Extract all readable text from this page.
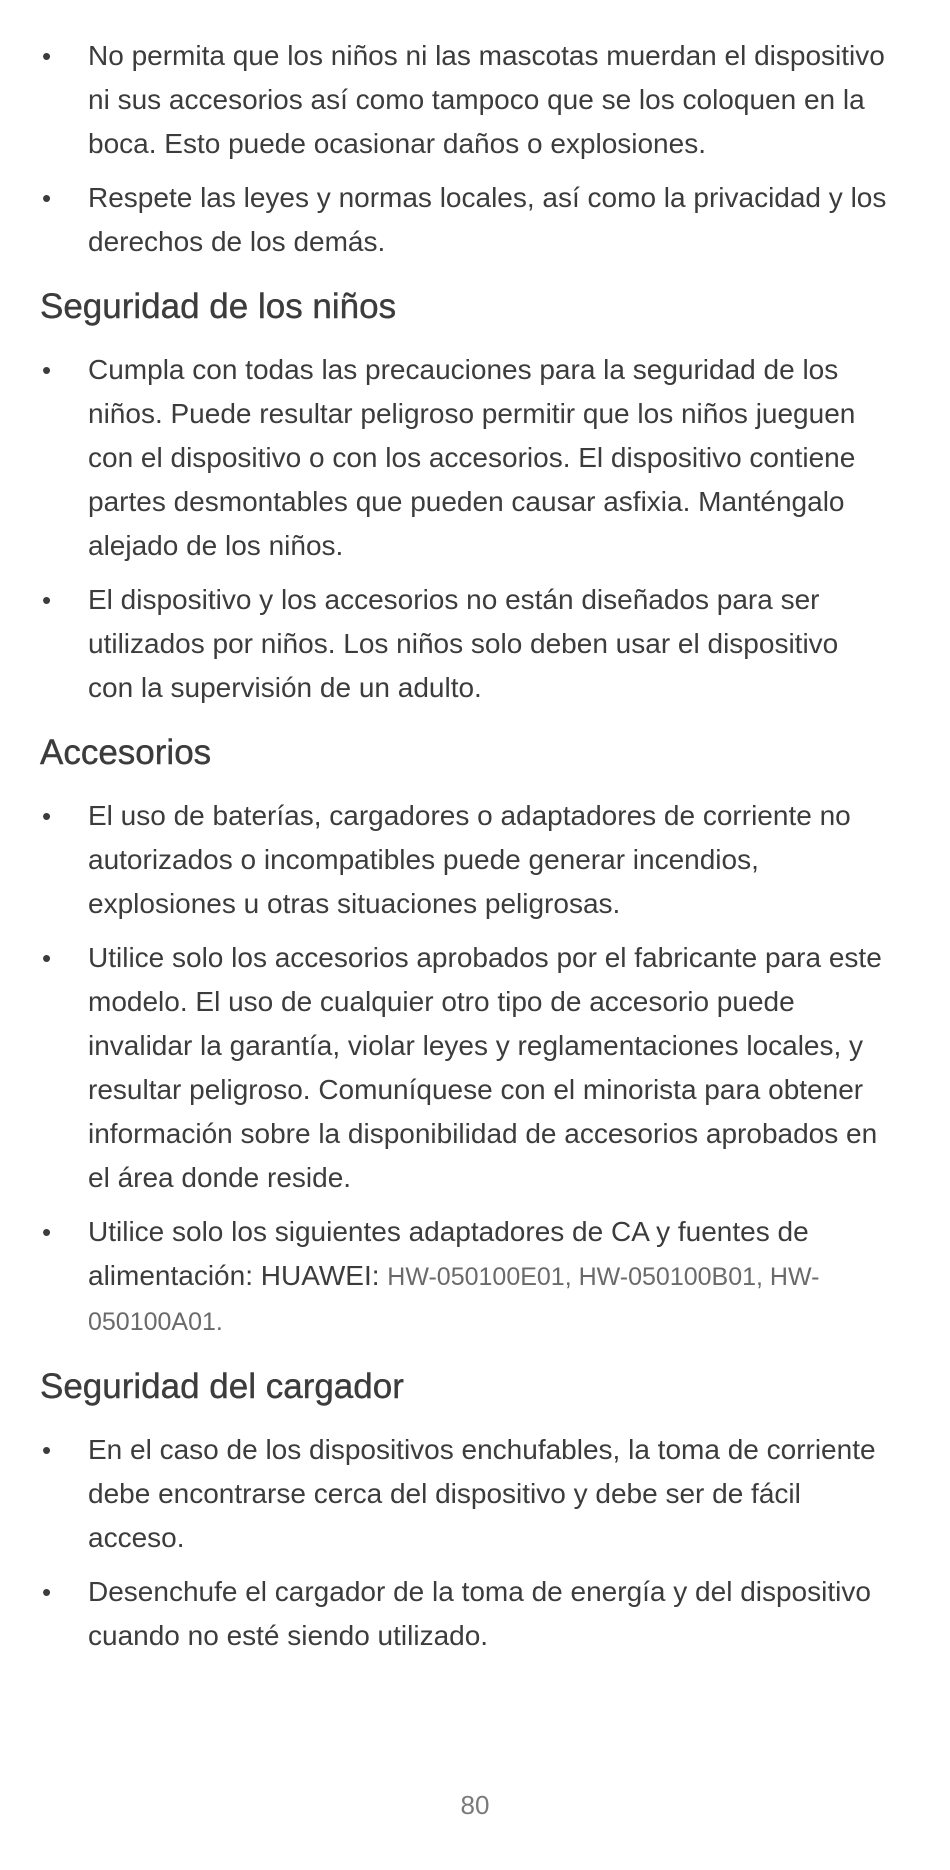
• No permita que los niños ni las mascotas muerdan el dispositivo ni sus accesorios así como tampoco que se los coloquen en la boca. Esto puede ocasionar daños o explosiones.
• Respete las leyes y normas locales, así como la privacidad y los derechos de los demás.
Seguridad de los niños
• Cumpla con todas las precauciones para la seguridad de los niños. Puede resultar peligroso permitir que los niños jueguen con el dispositivo o con los accesorios. El dispositivo contiene partes desmontables que pueden causar asfixia. Manténgalo alejado de los niños.
• El dispositivo y los accesorios no están diseñados para ser utilizados por niños. Los niños solo deben usar el dispositivo con la supervisión de un adulto.
Accesorios
• El uso de baterías, cargadores o adaptadores de corriente no autorizados o incompatibles puede generar incendios, explosiones u otras situaciones peligrosas.
• Utilice solo los accesorios aprobados por el fabricante para este modelo. El uso de cualquier otro tipo de accesorio puede invalidar la garantía, violar leyes y reglamentaciones locales, y resultar peligroso. Comuníquese con el minorista para obtener información sobre la disponibilidad de accesorios aprobados en el área donde reside.
• Utilice solo los siguientes adaptadores de CA y fuentes de alimentación: HUAWEI: HW-050100E01, HW-050100B01, HW-050100A01.
Seguridad del cargador
• En el caso de los dispositivos enchufables, la toma de corriente debe encontrarse cerca del dispositivo y debe ser de fácil acceso.
• Desenchufe el cargador de la toma de energía y del dispositivo cuando no esté siendo utilizado.
80
